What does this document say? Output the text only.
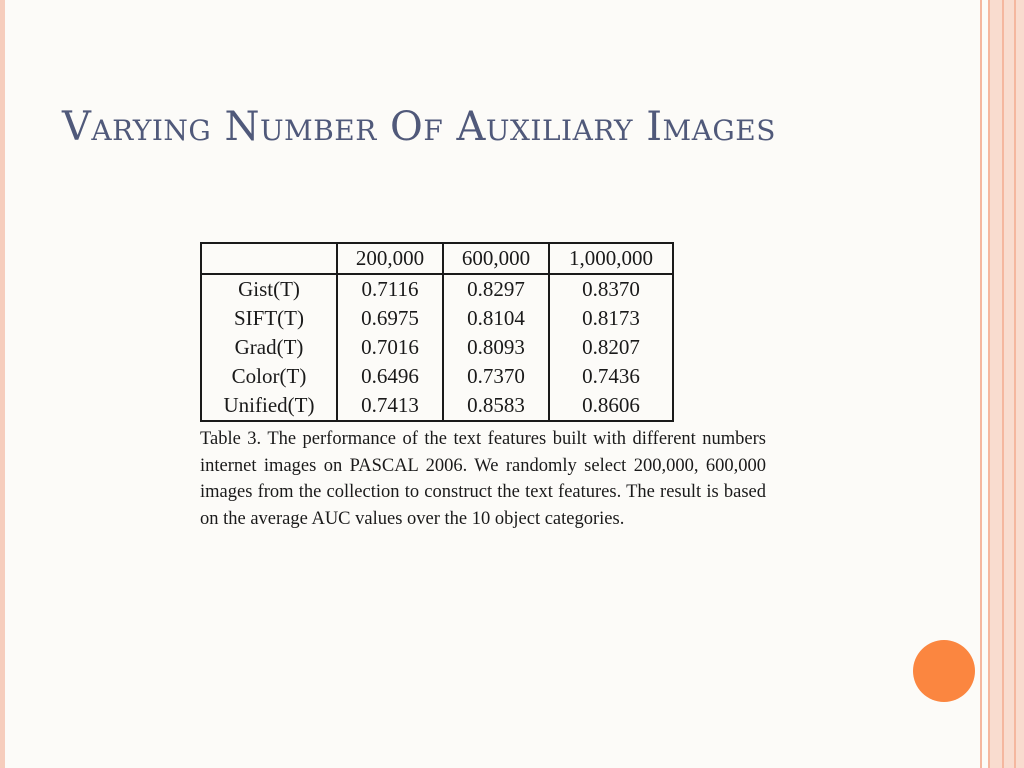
Varying Number Of Auxiliary Images
	200,000	600,000	1,000,000
Gist(T)	0.7116	0.8297	0.8370
SIFT(T)	0.6975	0.8104	0.8173
Grad(T)	0.7016	0.8093	0.8207
Color(T)	0.6496	0.7370	0.7436
Unified(T)	0.7413	0.8583	0.8606
Table 3. The performance of the text features built with different numbers internet images on PASCAL 2006. We randomly select 200,000, 600,000 images from the collection to construct the text features. The result is based on the average AUC values over the 10 object categories.
